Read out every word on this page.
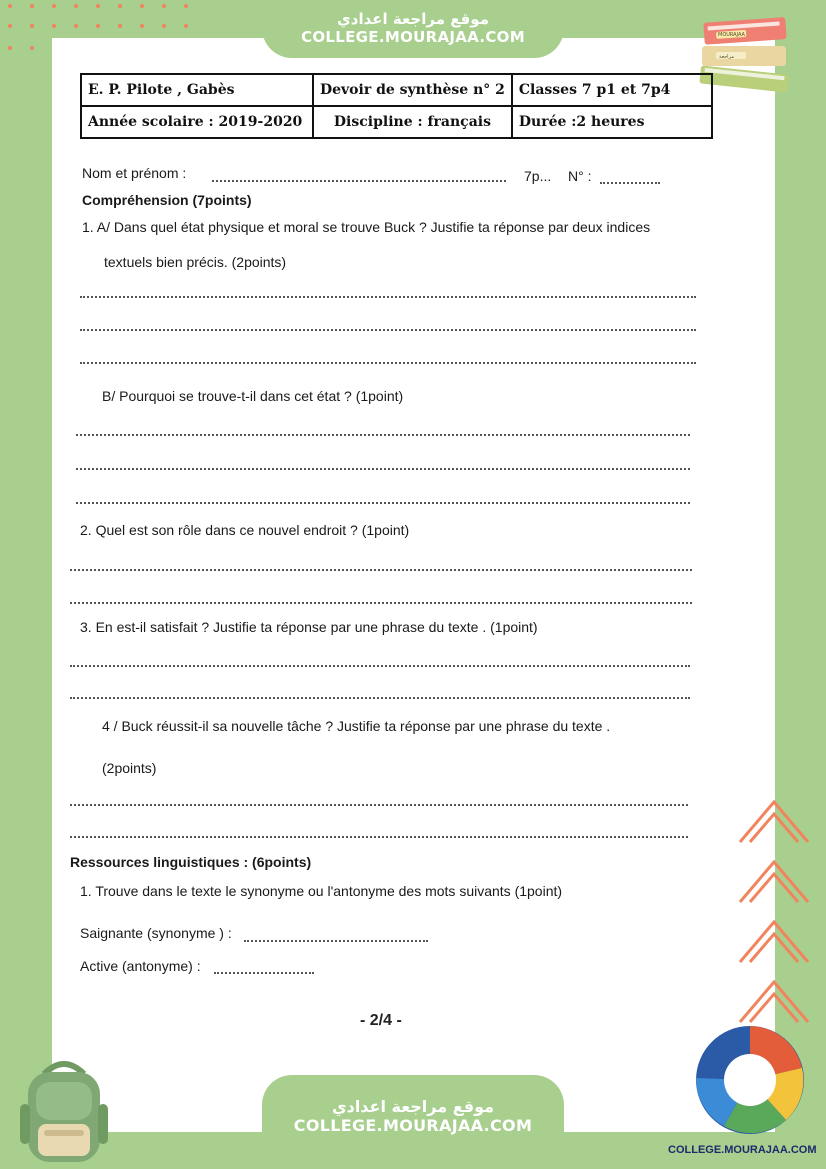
موقع مراجعة اعدادي
COLLEGE.MOURAJAA.COM	MOURAJAA
مراجعة
E. P. Pilote , Gabès	Devoir de synthèse n° 2	Classes 7 p1 et 7p4
Année scolaire : 2019-2020	Discipline : français	Durée :2 heures
Nom et prénom :	7p... N° :
Compréhension (7points)
1. A/ Dans quel état physique et moral se trouve Buck ? Justifie ta réponse par deux indices
textuels bien précis. (2points)
B/ Pourquoi se trouve-t-il dans cet état ? (1point)
2. Quel est son rôle dans ce nouvel endroit ? (1point)
3. En est-il satisfait ? Justifie ta réponse par une phrase du texte . (1point)
4 / Buck réussit-il sa nouvelle tâche ? Justifie ta réponse par une phrase du texte .
(2points)
Ressources linguistiques : (6points)
1. Trouve dans le texte le synonyme ou l'antonyme des mots suivants (1point)
Saignante (synonyme ) :
Active (antonyme) :
- 2/4 -
موقع مراجعة اعدادي
COLLEGE.MOURAJAA.COM
COLLEGE.MOURAJAA.COM
